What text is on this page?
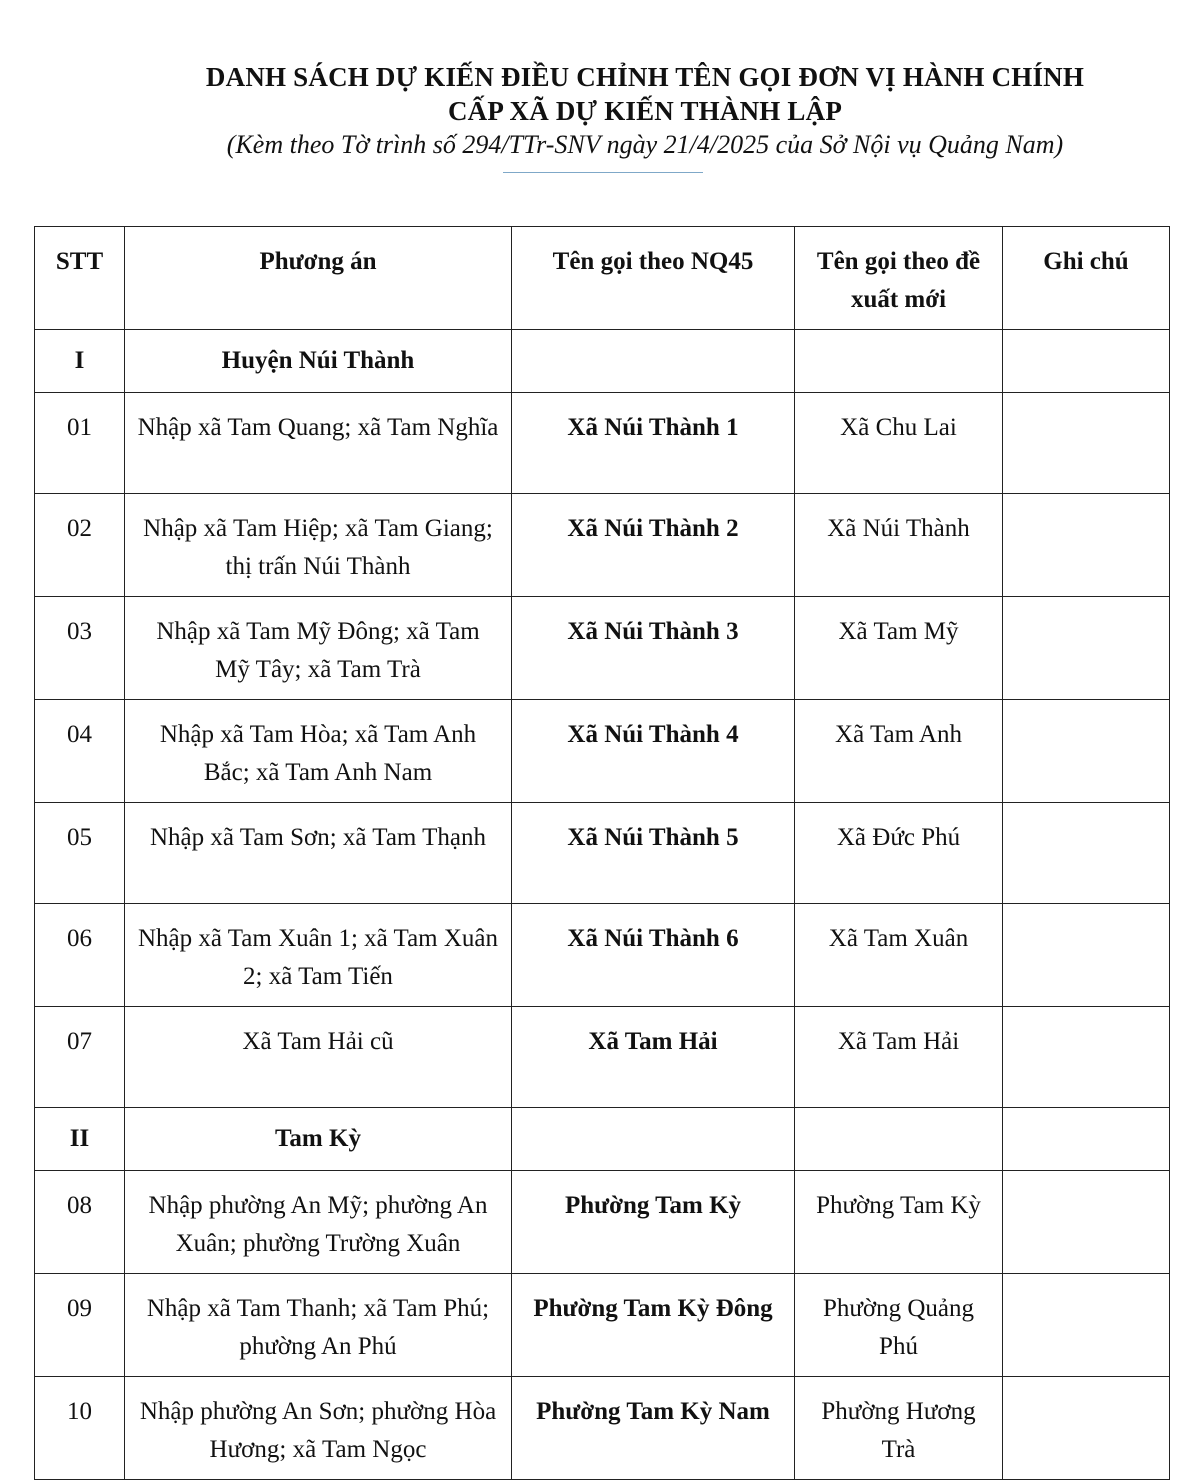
DANH SÁCH DỰ KIẾN ĐIỀU CHỈNH TÊN GỌI ĐƠN VỊ HÀNH CHÍNH
CẤP XÃ DỰ KIẾN THÀNH LẬP
(Kèm theo Tờ trình số 294/TTr-SNV ngày 21/4/2025 của Sở Nội vụ Quảng Nam)
STT	Phương án	Tên gọi theo NQ45	Tên gọi theo đề xuất mới	Ghi chú
I	Huyện Núi Thành			
01	Nhập xã Tam Quang; xã Tam Nghĩa	Xã Núi Thành 1	Xã Chu Lai	
02	Nhập xã Tam Hiệp; xã Tam Giang; thị trấn Núi Thành	Xã Núi Thành 2	Xã Núi Thành	
03	Nhập xã Tam Mỹ Đông; xã Tam Mỹ Tây; xã Tam Trà	Xã Núi Thành 3	Xã Tam Mỹ	
04	Nhập xã Tam Hòa; xã Tam Anh Bắc; xã Tam Anh Nam	Xã Núi Thành 4	Xã Tam Anh	
05	Nhập xã Tam Sơn; xã Tam Thạnh	Xã Núi Thành 5	Xã Đức Phú	
06	Nhập xã Tam Xuân 1; xã Tam Xuân 2; xã Tam Tiến	Xã Núi Thành 6	Xã Tam Xuân	
07	Xã Tam Hải cũ	Xã Tam Hải	Xã Tam Hải	
II	Tam Kỳ			
08	Nhập phường An Mỹ; phường An Xuân; phường Trường Xuân	Phường Tam Kỳ	Phường Tam Kỳ	
09	Nhập xã Tam Thanh; xã Tam Phú; phường An Phú	Phường Tam Kỳ Đông	Phường Quảng Phú	
10	Nhập phường An Sơn; phường Hòa Hương; xã Tam Ngọc	Phường Tam Kỳ Nam	Phường Hương Trà	
